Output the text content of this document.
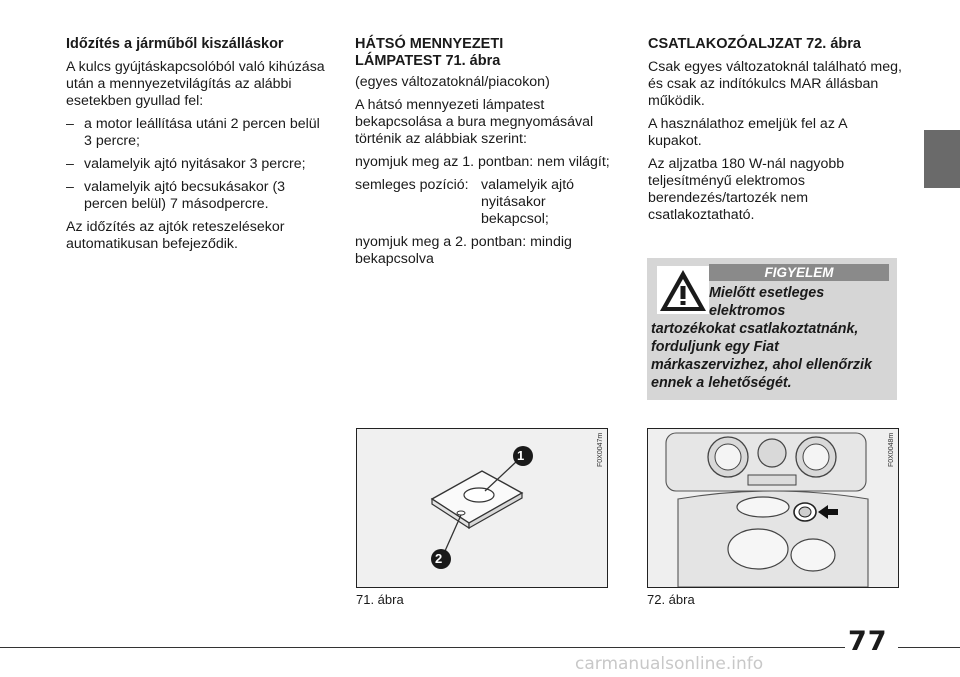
Időzítés a járműből kiszálláskor

A kulcs gyújtáskapcsolóból való kihúzása után a mennyezetvilágítás az alábbi esetekben gyullad fel:

– a motor leállítása utáni 2 percen belül 3 percre;
– valamelyik ajtó nyitásakor 3 percre;
– valamelyik ajtó becsukásakor (3 percen belül) 7 másodpercre.

Az időzítés az ajtók reteszelésekor automatikusan befejeződik.

HÁTSÓ MENNYEZETI
LÁMPATEST 71. ábra

(egyes változatoknál/piacokon)

A hátsó mennyezeti lámpatest bekapcsolása a bura megnyomásával történik az alábbiak szerint:

nyomjuk meg az 1. pontban: nem világít;

semleges pozíció: valamelyik ajtó
nyitásakor
bekapcsol;

nyomjuk meg a 2. pontban: mindig bekapcsolva

CSATLAKOZÓALJZAT 72. ábra

Csak egyes változatoknál található meg, és csak az indítókulcs MAR állásban működik.

A használathoz emeljük fel az A kupakot.

Az aljzatba 180 W-nál nagyobb teljesítményű elektromos berendezés/tartozék nem csatlakoztatható.

FIGYELEM
Mielőtt esetleges elektromos
tartozékokat csatlakoztatnánk, forduljunk egy Fiat márkaszervizhez, ahol ellenőrzik ennek a lehetőségét.
1
2
F0X0047m
71. ábra
F0X0048m
72. ábra
77
carmanualsonline.info
